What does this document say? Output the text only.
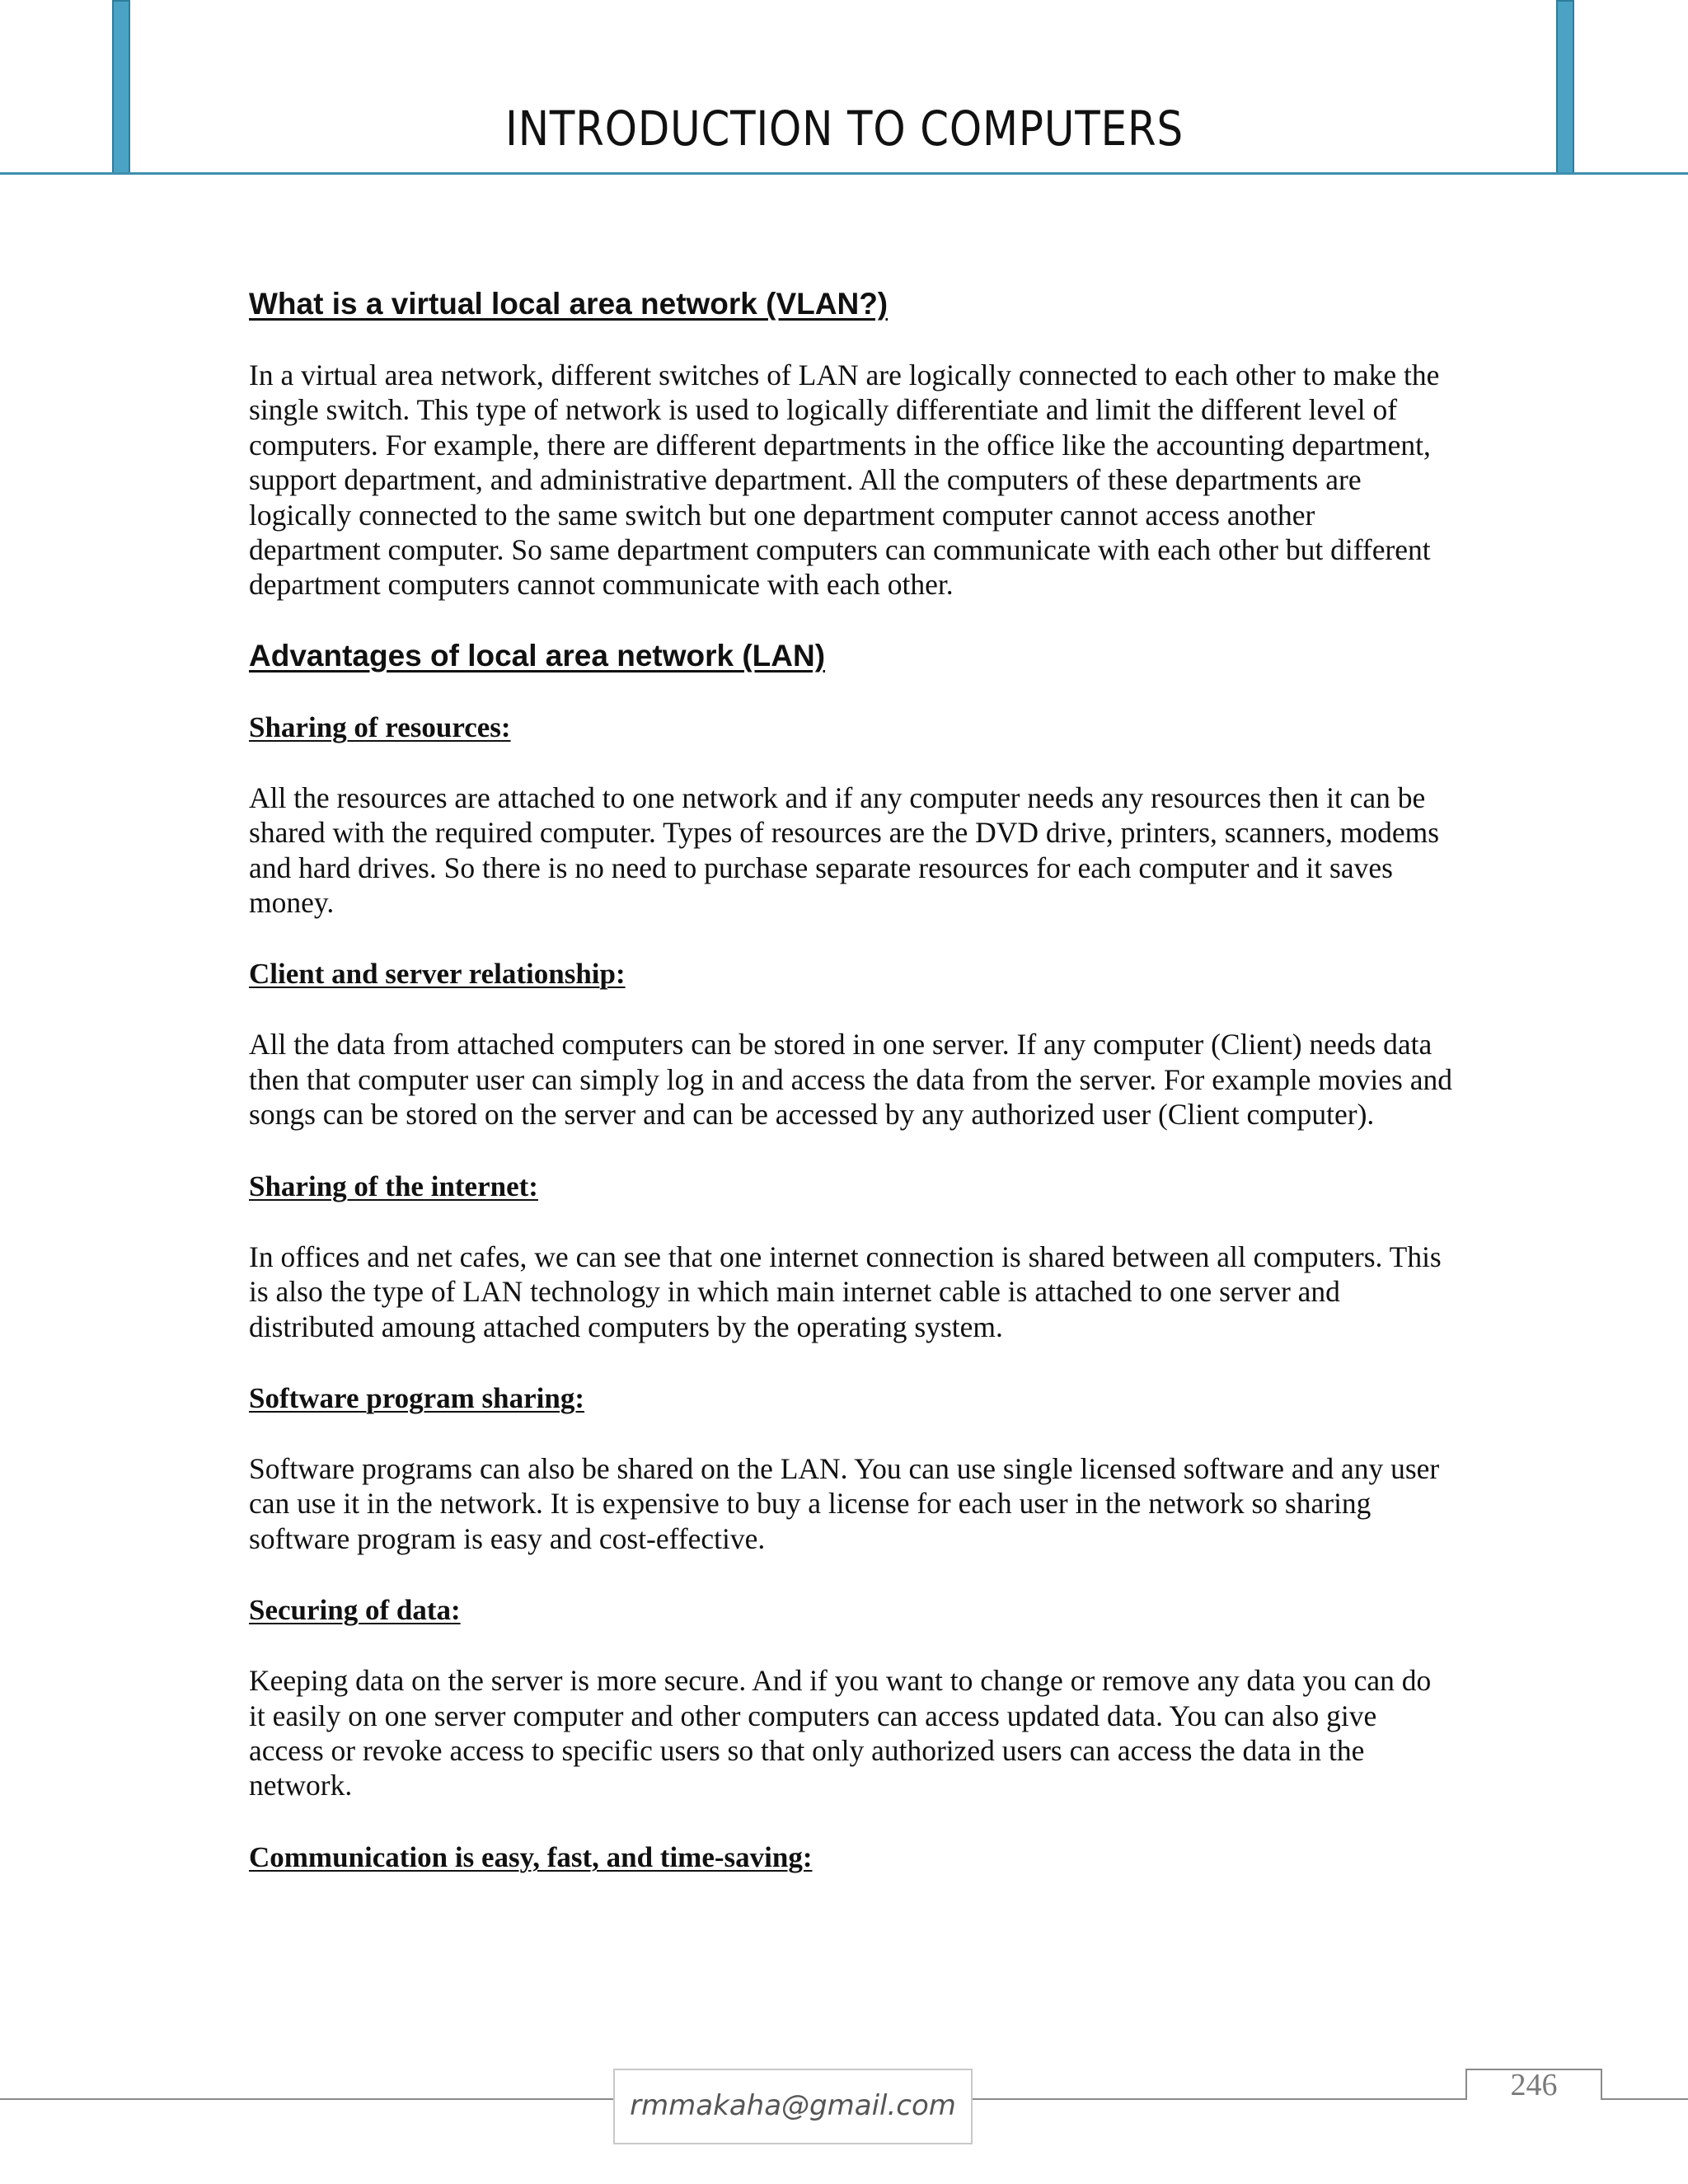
INTRODUCTION TO COMPUTERS
What is a virtual local area network (VLAN?)

In a virtual area network, different switches of LAN are logically connected to each other to make the single switch. This type of network is used to logically differentiate and limit the different level of computers. For example, there are different departments in the office like the accounting department, support department, and administrative department. All the computers of these departments are logically connected to the same switch but one department computer cannot access another department computer. So same department computers can communicate with each other but different department computers cannot communicate with each other.

Advantages of local area network (LAN)
Sharing of resources:

All the resources are attached to one network and if any computer needs any resources then it can be shared with the required computer. Types of resources are the DVD drive, printers, scanners, modems and hard drives. So there is no need to purchase separate resources for each computer and it saves money.

Client and server relationship:

All the data from attached computers can be stored in one server. If any computer (Client) needs data then that computer user can simply log in and access the data from the server. For example movies and songs can be stored on the server and can be accessed by any authorized user (Client computer).

Sharing of the internet:

In offices and net cafes, we can see that one internet connection is shared between all computers. This is also the type of LAN technology in which main internet cable is attached to one server and distributed amoung attached computers by the operating system.

Software program sharing:

Software programs can also be shared on the LAN. You can use single licensed software and any user can use it in the network. It is expensive to buy a license for each user in the network so sharing software program is easy and cost-effective.

Securing of data:

Keeping data on the server is more secure. And if you want to change or remove any data you can do it easily on one server computer and other computers can access updated data. You can also give access or revoke access to specific users so that only authorized users can access the data in the network.

Communication is easy, fast, and time-saving:
rmmakaha@gmail.com
246
